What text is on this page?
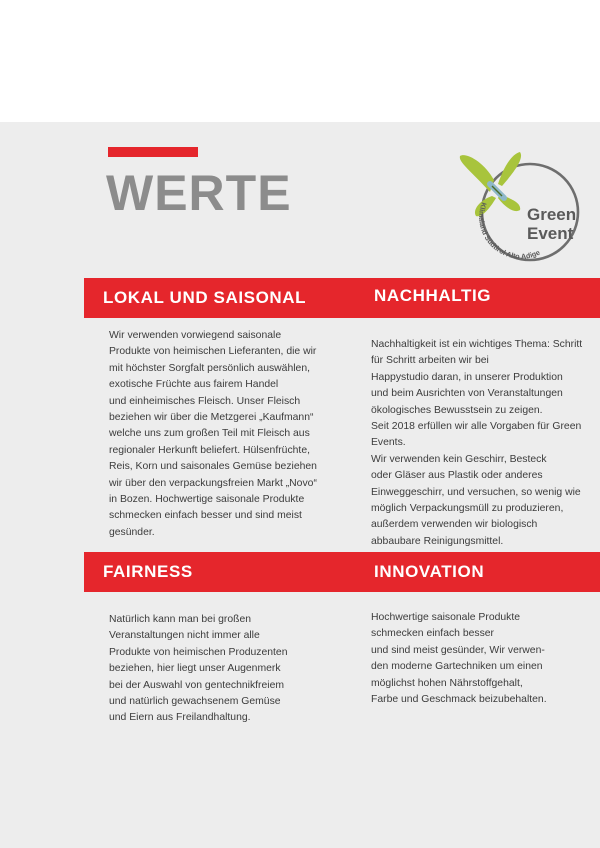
WERTE	Green
Event
Klimaland Südtirol Alto Adige
LOKAL UND SAISONAL	NACHHALTIG
FAIRNESS	INNOVATION

Wir verwenden vorwiegend saisonale
Produkte von heimischen Lieferanten, die wir
mit höchster Sorgfalt persönlich auswählen,
exotische Früchte aus fairem Handel
und einheimisches Fleisch. Unser Fleisch
beziehen wir über die Metzgerei „Kaufmann“
welche uns zum großen Teil mit Fleisch aus
regionaler Herkunft beliefert. Hülsenfrüchte,
Reis, Korn und saisonales Gemüse beziehen
wir über den verpackungsfreien Markt „Novo“
in Bozen. Hochwertige saisonale Produkte
schmecken einfach besser und sind meist
gesünder.

Nachhaltigkeit ist ein wichtiges Thema: Schritt
für Schritt arbeiten wir bei
Happystudio daran, in unserer Produktion
und beim Ausrichten von Veranstaltungen
ökologisches Bewusstsein zu zeigen.
Seit 2018 erfüllen wir alle Vorgaben für Green
Events.
Wir verwenden kein Geschirr, Besteck
oder Gläser aus Plastik oder anderes
Einweggeschirr, und versuchen, so wenig wie
möglich Verpackungsmüll zu produzieren,
außerdem verwenden wir biologisch
abbaubare Reinigungsmittel.

Natürlich kann man bei großen
Veranstaltungen nicht immer alle
Produkte von heimischen Produzenten
beziehen, hier liegt unser Augenmerk
bei der Auswahl von gentechnikfreiem
und natürlich gewachsenem Gemüse
und Eiern aus Freilandhaltung.

Hochwertige saisonale Produkte
schmecken einfach besser
und sind meist gesünder, Wir verwen-
den moderne Gartechniken um einen
möglichst hohen Nährstoffgehalt,
Farbe und Geschmack beizubehalten.
